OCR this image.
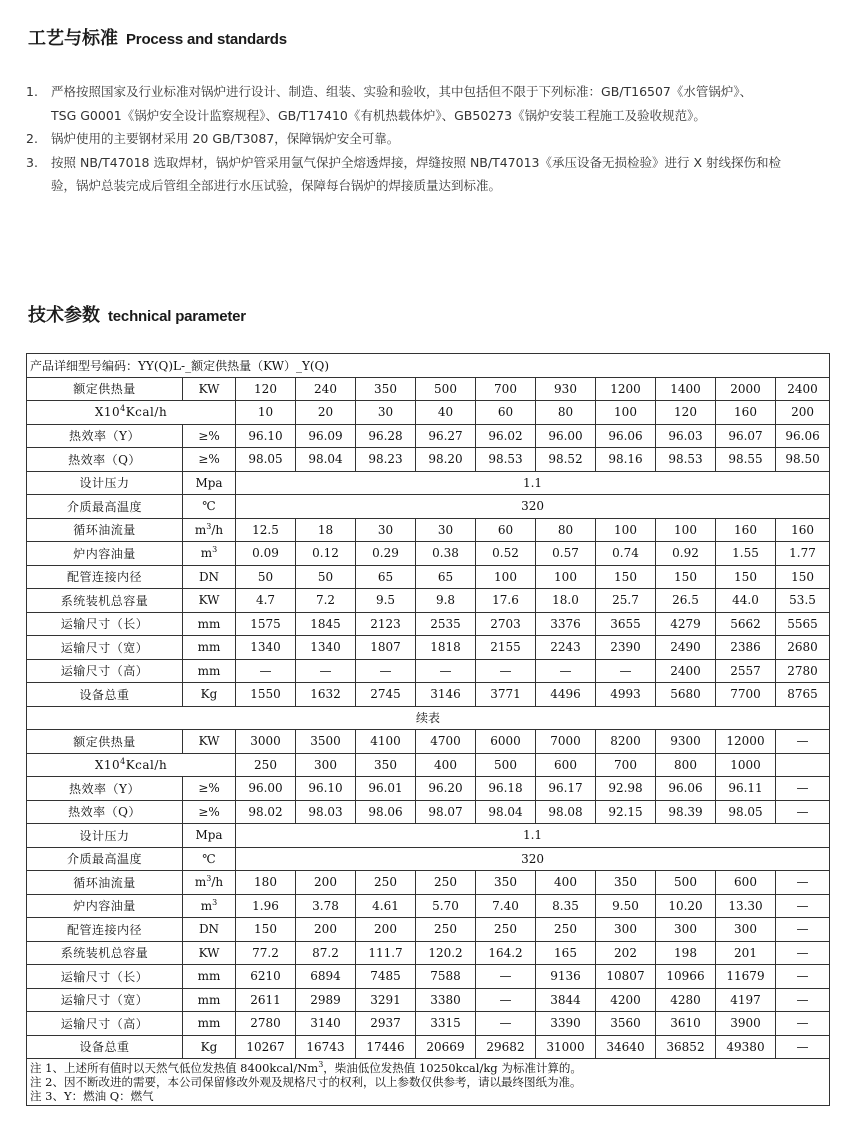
工艺与标准 Process and standards
1. 严格按照国家及行业标准对锅炉进行设计、制造、组装、实验和验收，其中包括但不限于下列标准：GB/T16507《水管锅炉》、
TSG G0001《锅炉安全设计监察规程》、GB/T17410《有机热载体炉》、GB50273《锅炉安装工程施工及验收规范》。
2. 锅炉使用的主要钢材采用 20 GB/T3087，保障锅炉安全可靠。
3. 按照 NB/T47018 选取焊材，锅炉炉管采用氩气保护全熔透焊接，焊缝按照 NB/T47013《承压设备无损检验》进行 X 射线探伤和检
验，锅炉总装完成后管组全部进行水压试验，保障每台锅炉的焊接质量达到标准。
技术参数 technical parameter
产品详细型号编码：YY(Q)L-_额定供热量（KW）_Y(Q)											
额定供热量	KW	120	240	350	500	700	930	1200	1400	2000	2400
$X10^4Kcal/h$		10	20	30	40	60	80	100	120	160	200
热效率（Y）	≥%	96.10	96.09	96.28	96.27	96.02	96.00	96.06	96.03	96.07	96.06
热效率（Q）	≥%	98.05	98.04	98.23	98.20	98.53	98.52	98.16	98.53	98.55	98.50
设计压力	Mpa	1.1									
介质最高温度	℃	320									
循环油流量	$m^3/h$	12.5	18	30	30	60	80	100	100	160	160
炉内容油量	$m^3$	0.09	0.12	0.29	0.38	0.52	0.57	0.74	0.92	1.55	1.77
配管连接内径	DN	50	50	65	65	100	100	150	150	150	150
系统装机总容量	KW	4.7	7.2	9.5	9.8	17.6	18.0	25.7	26.5	44.0	53.5
运输尺寸（长）	mm	1575	1845	2123	2535	2703	3376	3655	4279	5662	5565
运输尺寸（宽）	mm	1340	1340	1807	1818	2155	2243	2390	2490	2386	2680
运输尺寸（高）	mm	—	—	—	—	—	—	—	2400	2557	2780
设备总重	Kg	1550	1632	2745	3146	3771	4496	4993	5680	7700	8765
续表											
额定供热量	KW	3000	3500	4100	4700	6000	7000	8200	9300	12000	—
$X10^4Kcal/h$		250	300	350	400	500	600	700	800	1000	
热效率（Y）	≥%	96.00	96.10	96.01	96.20	96.18	96.17	92.98	96.06	96.11	—
热效率（Q）	≥%	98.02	98.03	98.06	98.07	98.04	98.08	92.15	98.39	98.05	—
设计压力	Mpa	1.1									
介质最高温度	℃	320									
循环油流量	$m^3/h$	180	200	250	250	350	400	350	500	600	—
炉内容油量	$m^3$	1.96	3.78	4.61	5.70	7.40	8.35	9.50	10.20	13.30	—
配管连接内径	DN	150	200	200	250	250	250	300	300	300	—
系统装机总容量	KW	77.2	87.2	111.7	120.2	164.2	165	202	198	201	—
运输尺寸（长）	mm	6210	6894	7485	7588	—	9136	10807	10966	11679	—
运输尺寸（宽）	mm	2611	2989	3291	3380	—	3844	4200	4280	4197	—
运输尺寸（高）	mm	2780	3140	2937	3315	—	3390	3560	3610	3900	—
设备总重	Kg	10267	16743	17446	20669	29682	31000	34640	36852	49380	—

注 1、上述所有值时以天然气低位发热值 8400kcal/Nm$^3$，柴油低位发热值 10250kcal/kg 为标准计算的。
注 2、因不断改进的需要，本公司保留修改外观及规格尺寸的权利，以上参数仅供参考，请以最终图纸为准。
注 3、Y：燃油 Q：燃气											
